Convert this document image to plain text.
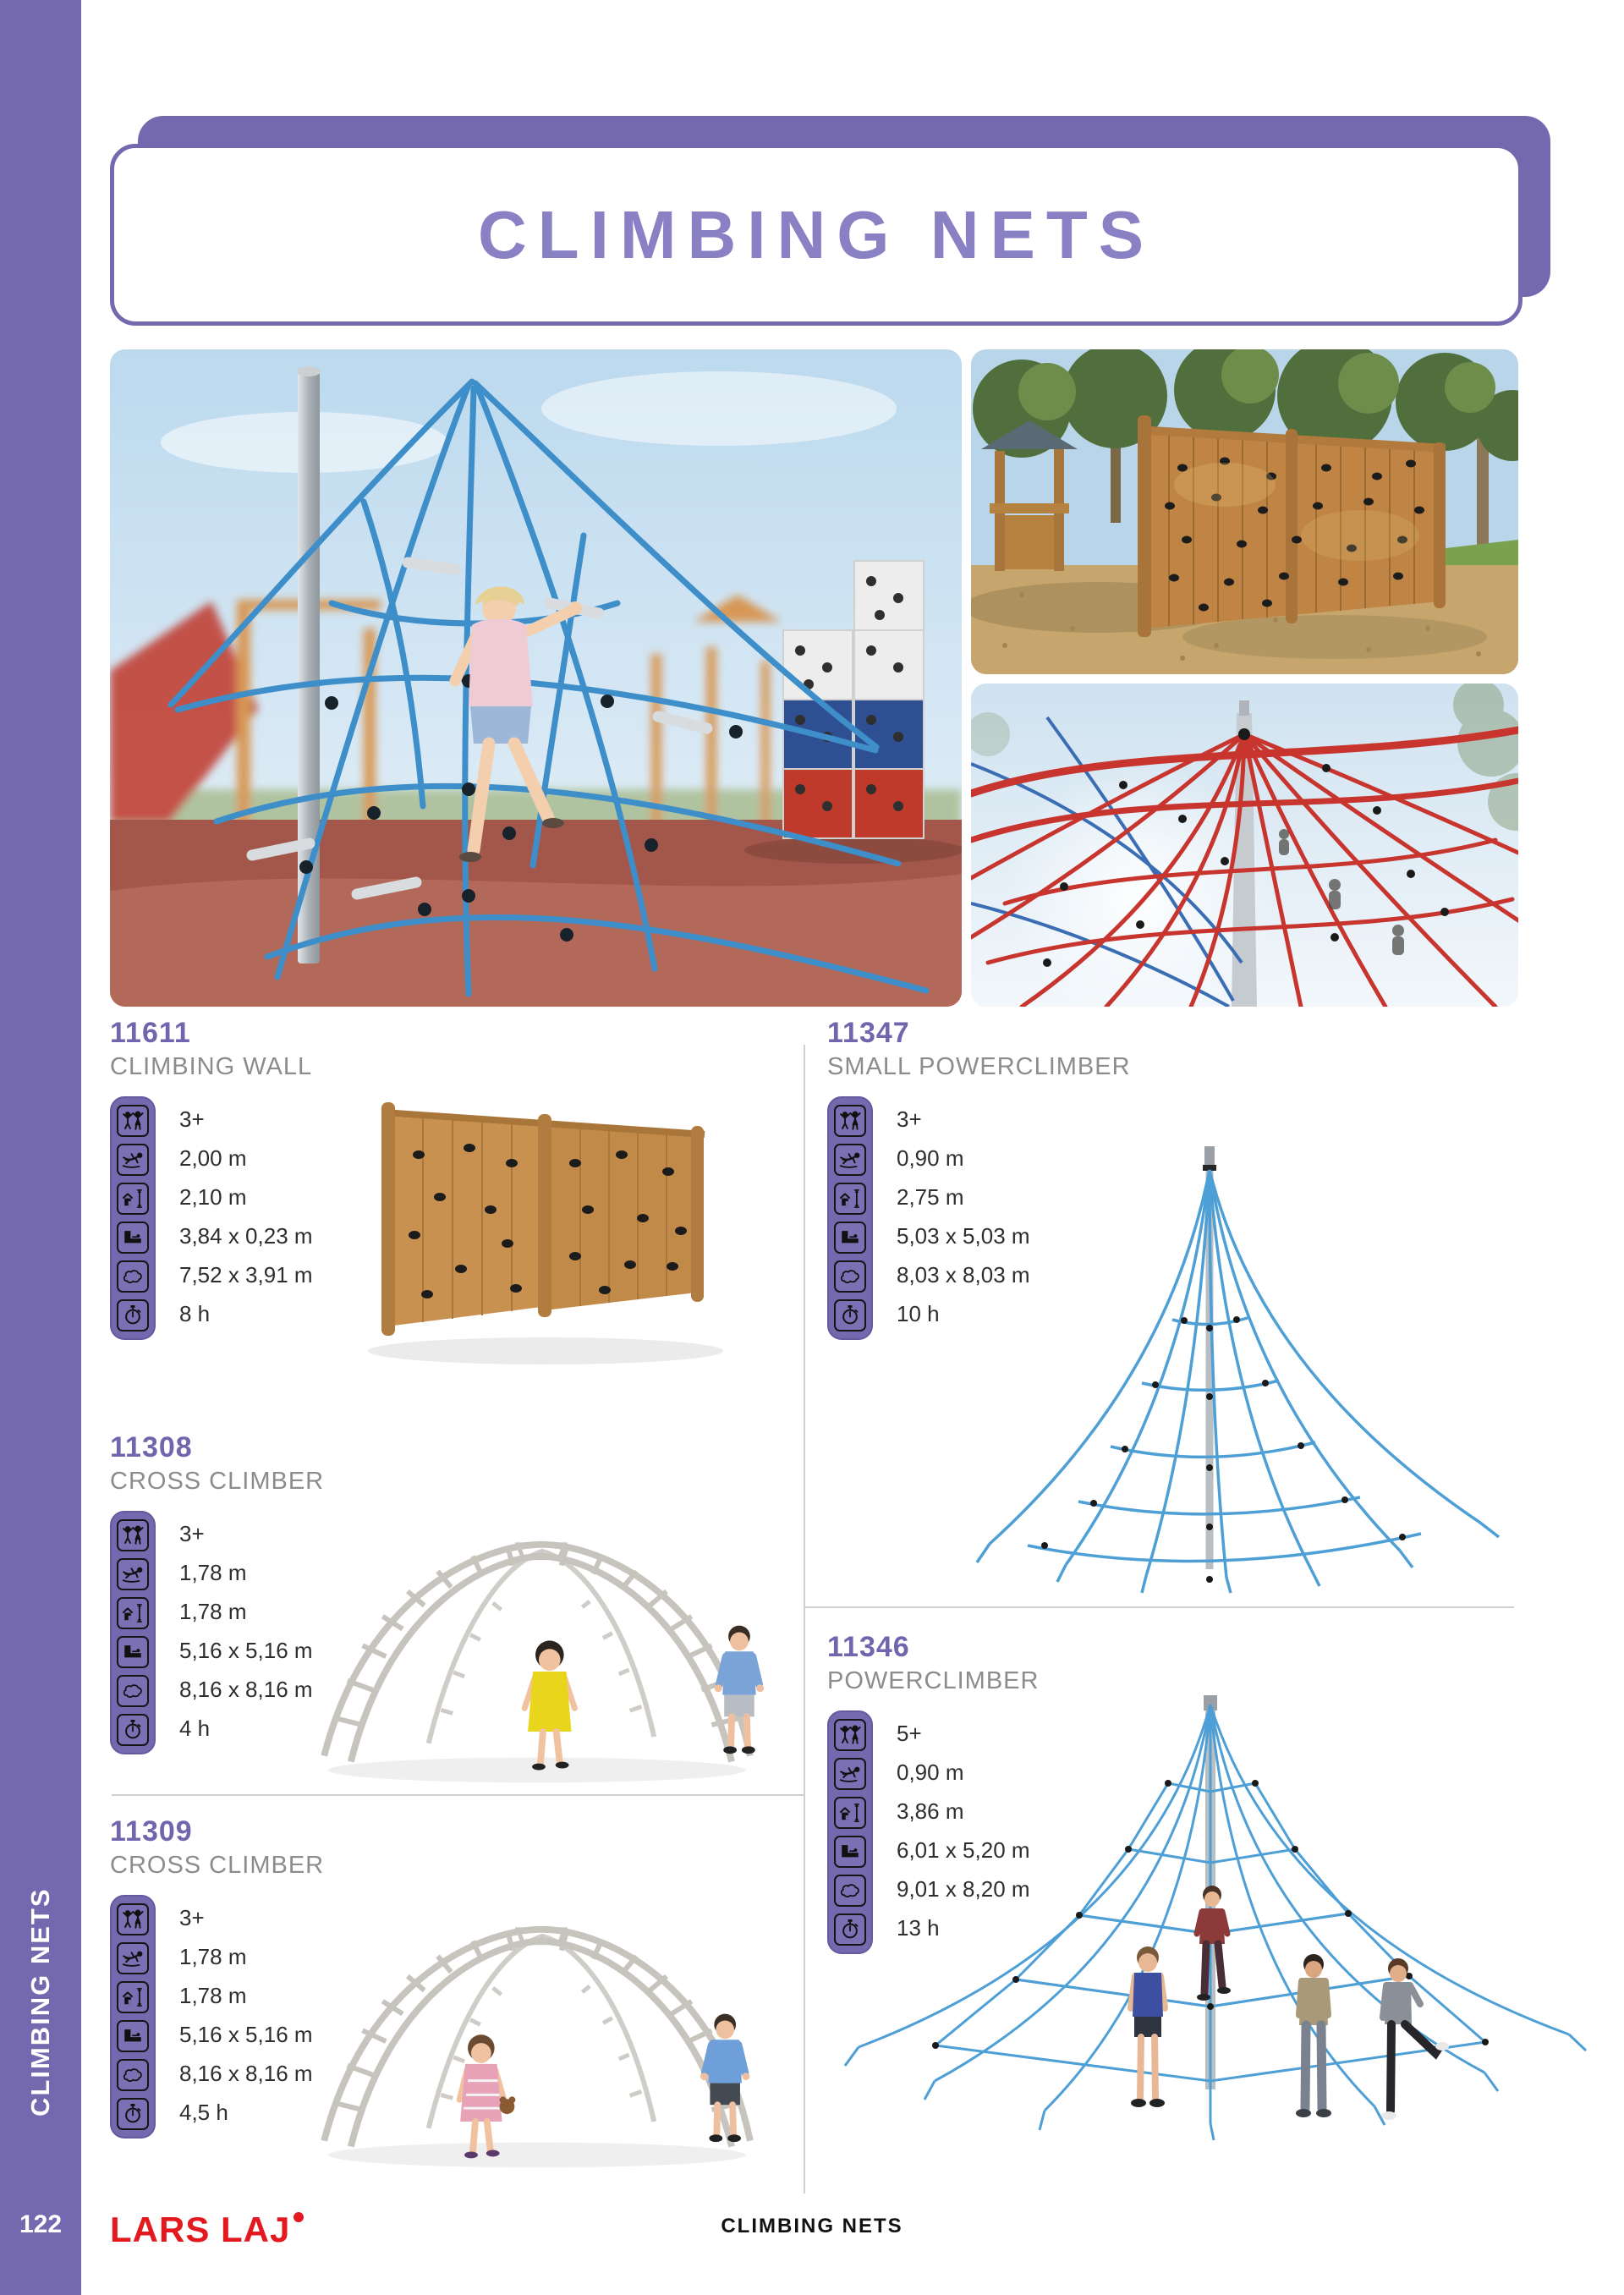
CLIMBING NETS
122
CLIMBING NETS
11611
CLIMBING WALL
3+
2,00 m
2,10 m
3,84 x 0,23 m
7,52 x 3,91 m
8 h
11347
SMALL POWERCLIMBER
3+
0,90 m
2,75 m
5,03 x 5,03 m
8,03 x 8,03 m
10 h
11308
CROSS CLIMBER
3+
1,78 m
1,78 m
5,16 x 5,16 m
8,16 x 8,16 m
4 h
11346
POWERCLIMBER
5+
0,90 m
3,86 m
6,01 x 5,20 m
9,01 x 8,20 m
13 h
11309
CROSS CLIMBER
3+
1,78 m
1,78 m
5,16 x 5,16 m
8,16 x 8,16 m
4,5 h
LARS LAJ	CLIMBING NETS
